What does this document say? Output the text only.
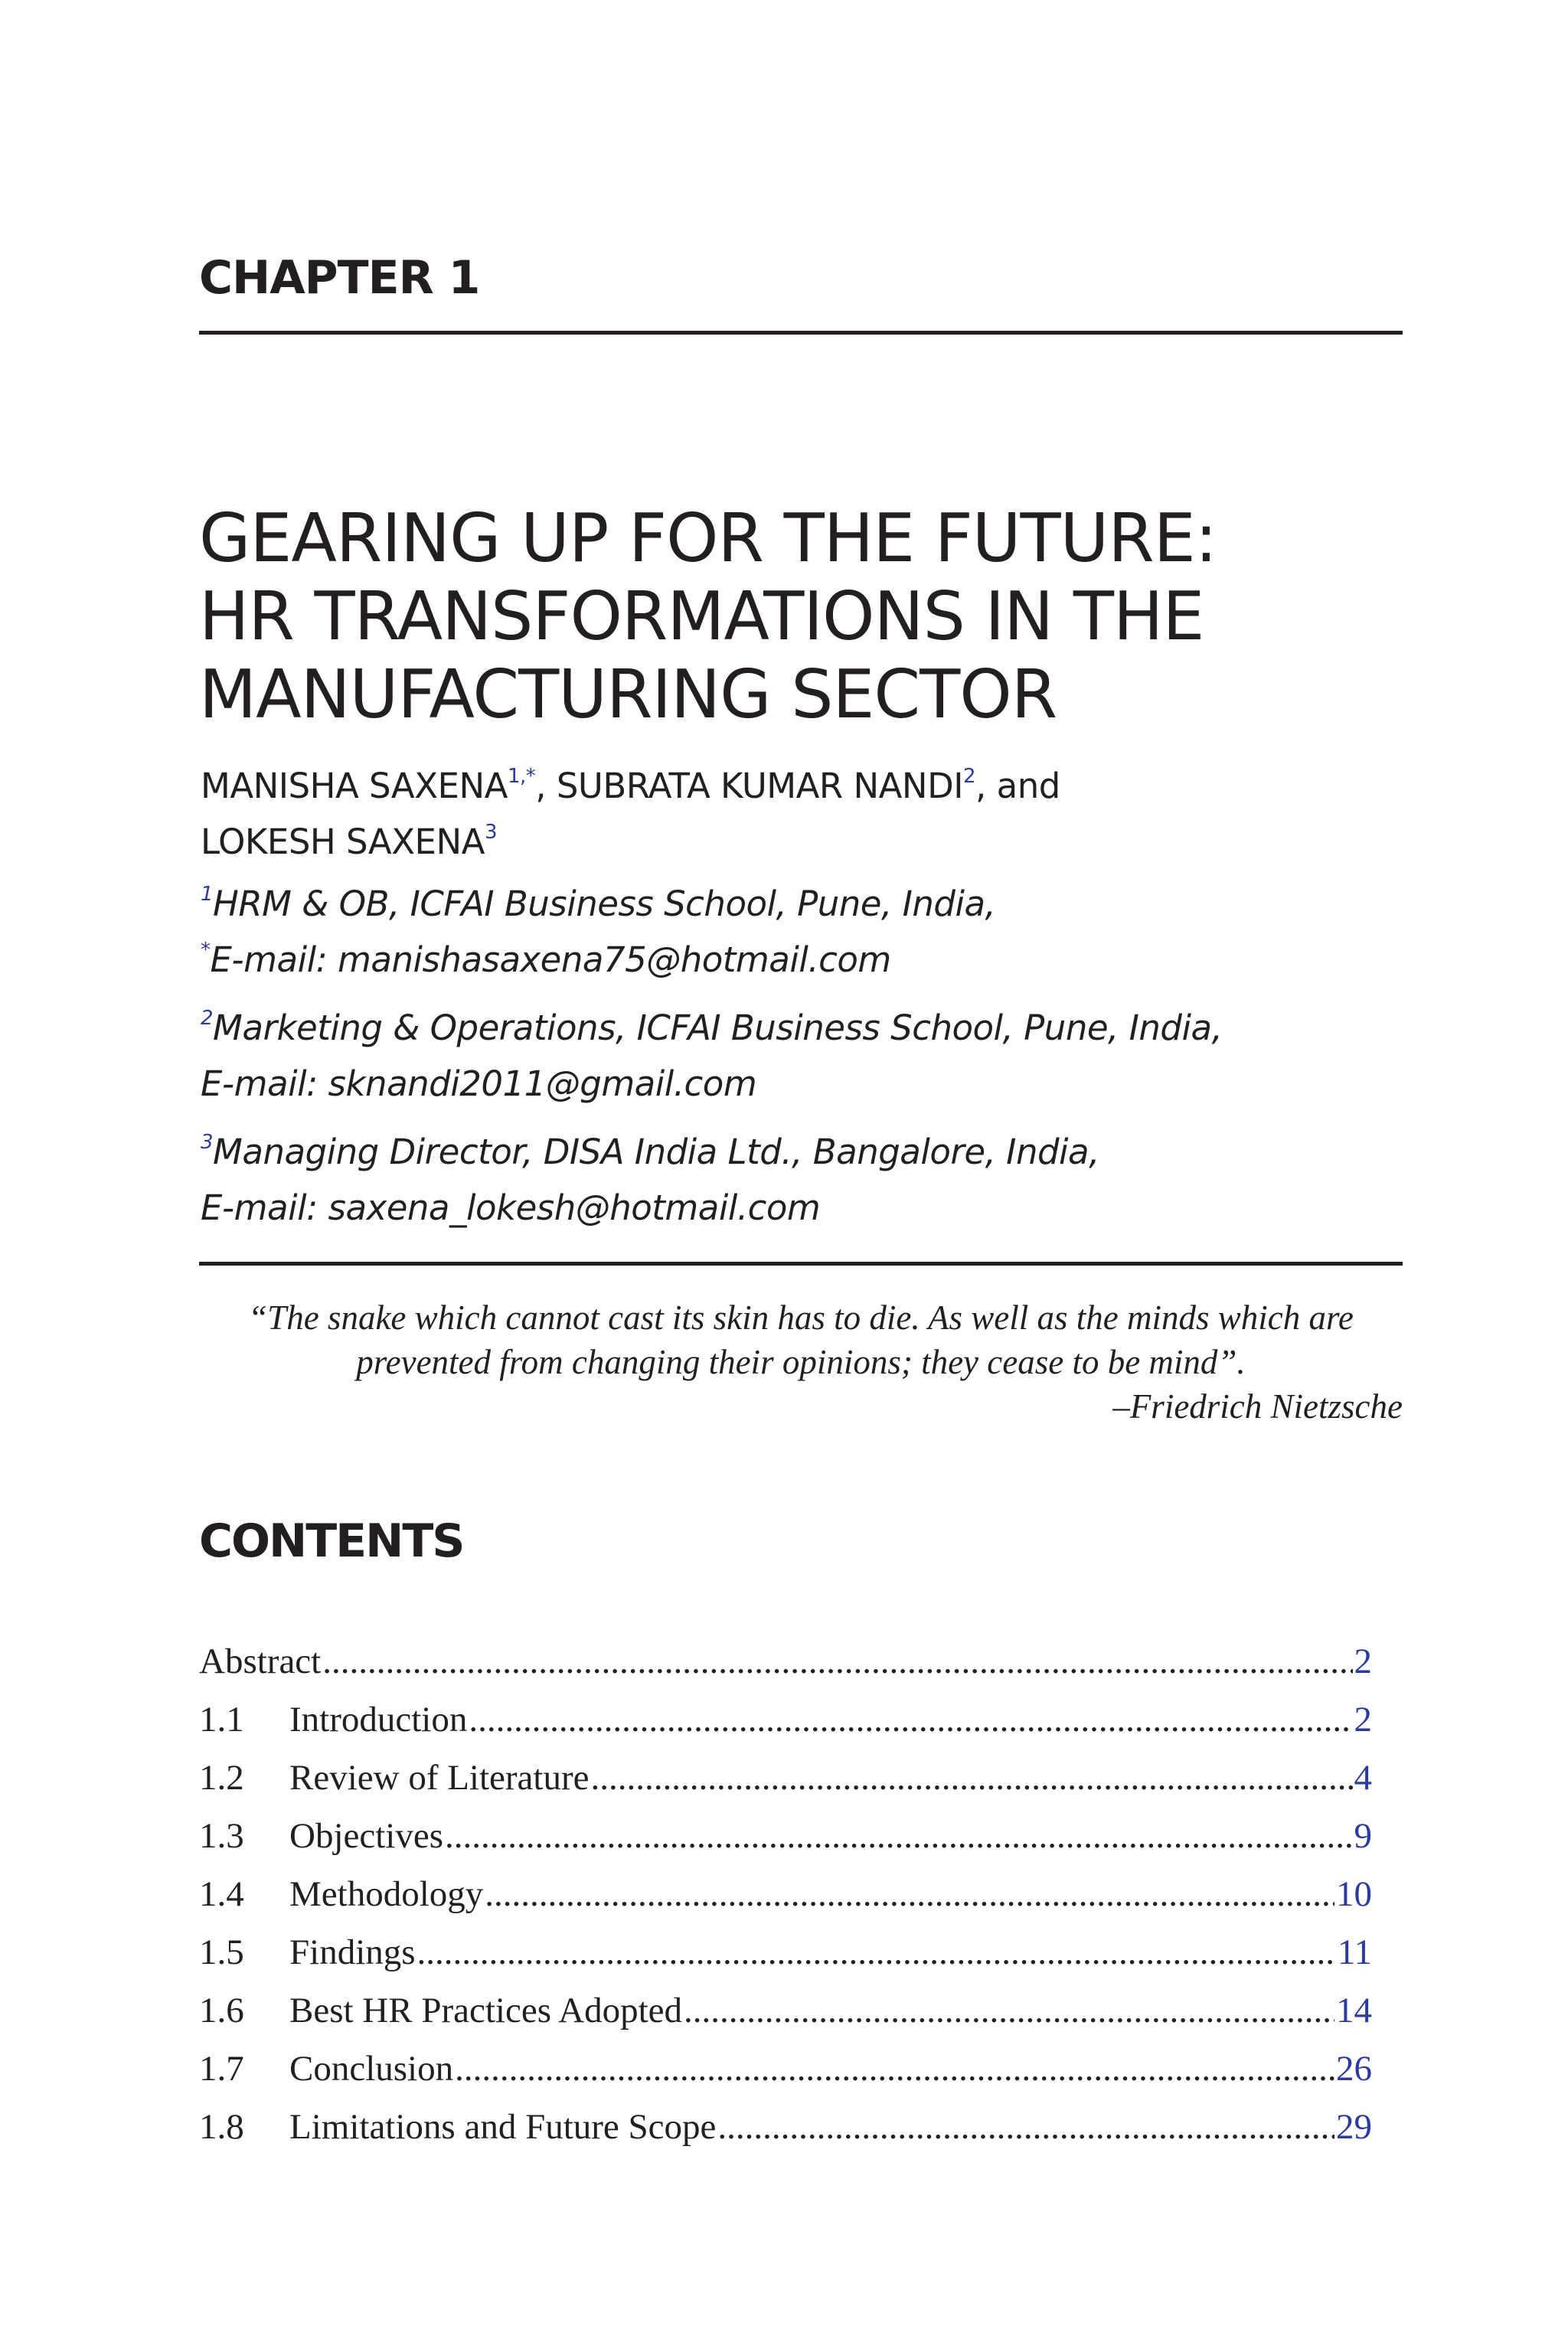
CHAPTER 1
GEARING UP FOR THE FUTURE:
HR TRANSFORMATIONS IN THE
MANUFACTURING SECTOR
MANISHA $SAXENA^{1,*}$, SUBRATA KUMAR NANDI$^2$, and
LOKESH SAXENA$^3$
$^1$HRM & OB, ICFAI Business School, Pune, India,
*E-mail: manishasaxena75@hotmail.com
$^2$Marketing & Operations, ICFAI Business School, Pune, India,
E-mail: sknandi2011@gmail.com
$^3$Managing Director, DISA India Ltd., Bangalore, India,
E-mail: saxena_lokesh@hotmail.com
“The snake which cannot cast its skin has to die. As well as the minds which are
prevented from changing their opinions; they cease to be mind”.
–Friedrich Nietzsche
CONTENTS
Abstract .....	2
1.1	Introduction .....	2
1.2	Review of Literature .....	4
1.3	Objectives .....	9
1.4	Methodology .....	10
1.5	Findings .....	11
1.6	Best HR Practices Adopted .....	14
1.7	Conclusion .....	26
1.8	Limitations and Future Scope .....	29
